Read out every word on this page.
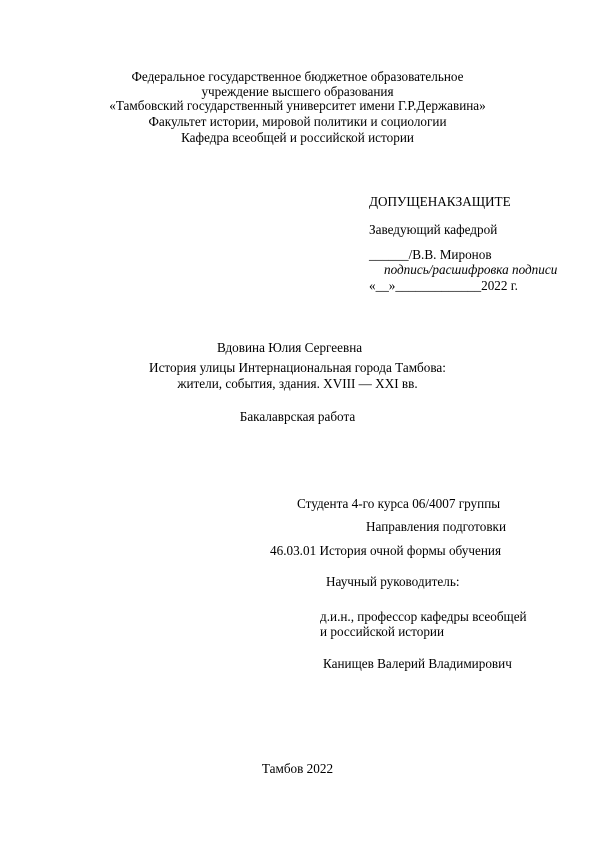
Федеральное государственное бюджетное образовательное
учреждение высшего образования
«Тамбовский государственный университет имени Г.Р.Державина»
Факультет истории, мировой политики и социологии
Кафедра всеобщей и российской истории
ДОПУЩЕНАКЗАЩИТЕ
Заведующий кафедрой
______/В.В. Миронов
подпись/расшифровка подписи
«__»_____________2022 г.
Вдовина Юлия Сергеевна
История улицы Интернациональная города Тамбова:
жители, события, здания. XVIII — XXI вв.
Бакалаврская работа
Студента 4-го курса 06/4007 группы
Направления подготовки
46.03.01 История очной формы обучения
Научный руководитель:
д.и.н., профессор кафедры всеобщей
и российской истории
Канищев Валерий Владимирович
Тамбов 2022
